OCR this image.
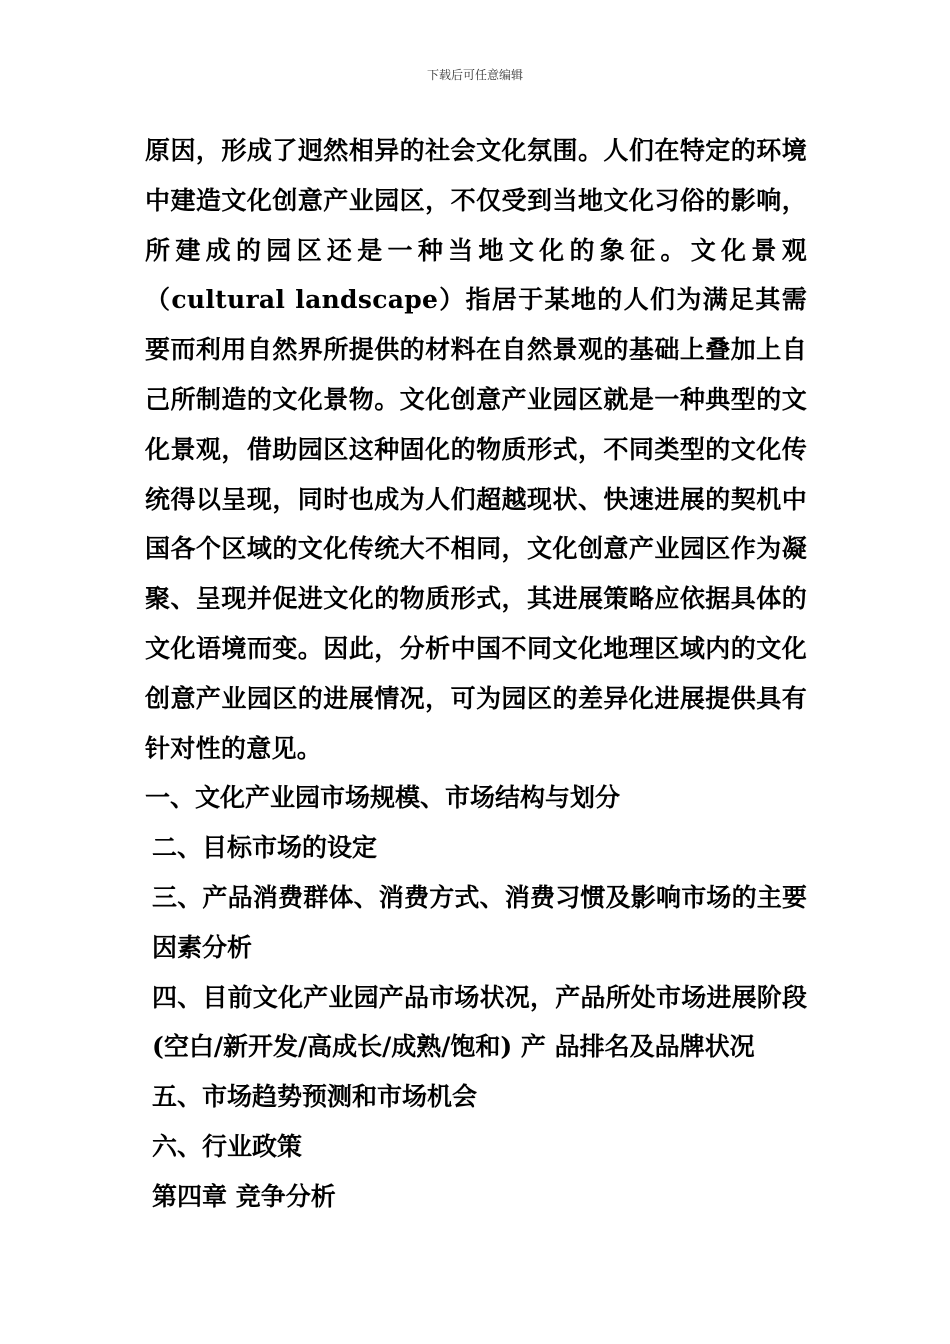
下载后可任意编辑

原因，形成了迥然相异的社会文化氛围。人们在特定的环境中建造文化创意产业园区，不仅受到当地文化习俗的影响，所建成的园区还是一种当地文化的象征。文化景观（cultural landscape）指居于某地的人们为满足其需要而利用自然界所提供的材料在自然景观的基础上叠加上自己所制造的文化景物。文化创意产业园区就是一种典型的文化景观，借助园区这种固化的物质形式，不同类型的文化传统得以呈现，同时也成为人们超越现状、快速进展的契机中国各个区域的文化传统大不相同，文化创意产业园区作为凝聚、呈现并促进文化的物质形式，其进展策略应依据具体的文化语境而变。因此，分析中国不同文化地理区域内的文化创意产业园区的进展情况，可为园区的差异化进展提供具有针对性的意见。

一、文化产业园市场规模、市场结构与划分

二、目标市场的设定

三、产品消费群体、消费方式、消费习惯及影响市场的主要因素分析

四、目前文化产业园产品市场状况，产品所处市场进展阶段(空白/新开发/高成长/成熟/饱和) 产 品排名及品牌状况

五、市场趋势预测和市场机会

六、行业政策

第四章 竞争分析
